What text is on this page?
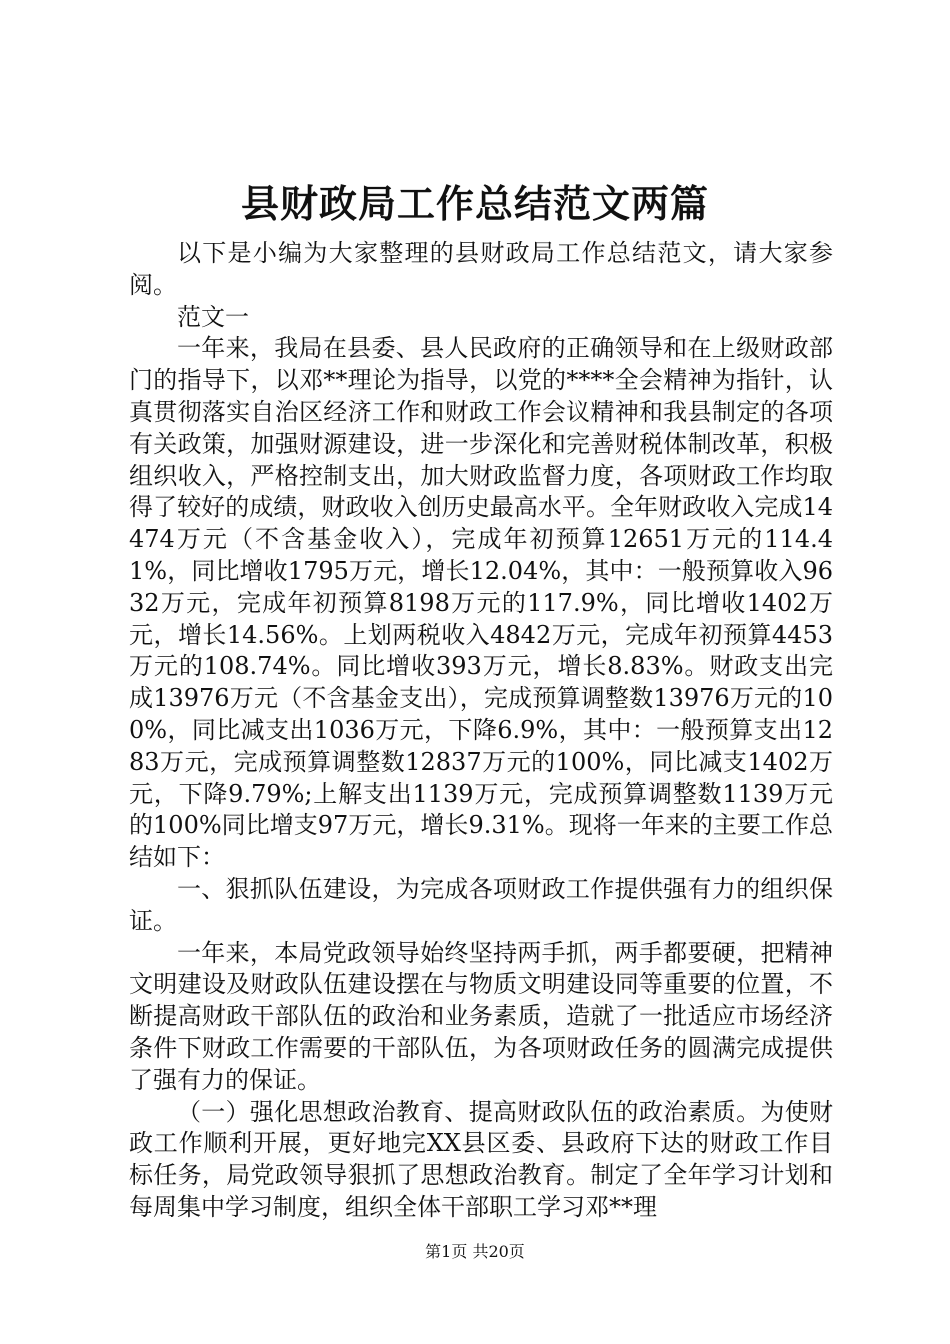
县财政局工作总结范文两篇

以下是小编为大家整理的县财政局工作总结范文，请大家参阅。

范文一

一年来，我局在县委、县人民政府的正确领导和在上级财政部门的指导下，以邓**理论为指导，以党的****全会精神为指针，认真贯彻落实自治区经济工作和财政工作会议精神和我县制定的各项有关政策，加强财源建设，进一步深化和完善财税体制改革，积极组织收入，严格控制支出，加大财政监督力度，各项财政工作均取得了较好的成绩，财政收入创历史最高水平。全年财政收入完成14474万元（不含基金收入），完成年初预算12651万元的114.41%，同比增收1795万元，增长12.04%，其中：一般预算收入9632万元，完成年初预算8198万元的117.9%，同比增收1402万元，增长14.56%。上划两税收入4842万元，完成年初预算4453万元的108.74%。同比增收393万元，增长8.83%。财政支出完成13976万元（不含基金支出），完成预算调整数13976万元的100%，同比减支出1036万元，下降6.9%，其中：一般预算支出1283万元，完成预算调整数12837万元的100%，同比减支1402万元，下降9.79%;上解支出1139万元，完成预算调整数1139万元的100%同比增支97万元，增长9.31%。现将一年来的主要工作总结如下：

一、狠抓队伍建设，为完成各项财政工作提供强有力的组织保证。

一年来，本局党政领导始终坚持两手抓，两手都要硬，把精神文明建设及财政队伍建设摆在与物质文明建设同等重要的位置，不断提高财政干部队伍的政治和业务素质，造就了一批适应市场经济条件下财政工作需要的干部队伍，为各项财政任务的圆满完成提供了强有力的保证。

（一）强化思想政治教育、提高财政队伍的政治素质。为使财政工作顺利开展，更好地完XX县区委、县政府下达的财政工作目标任务，局党政领导狠抓了思想政治教育。制定了全年学习计划和每周集中学习制度，组织全体干部职工学习邓**理

第1页 共20页
